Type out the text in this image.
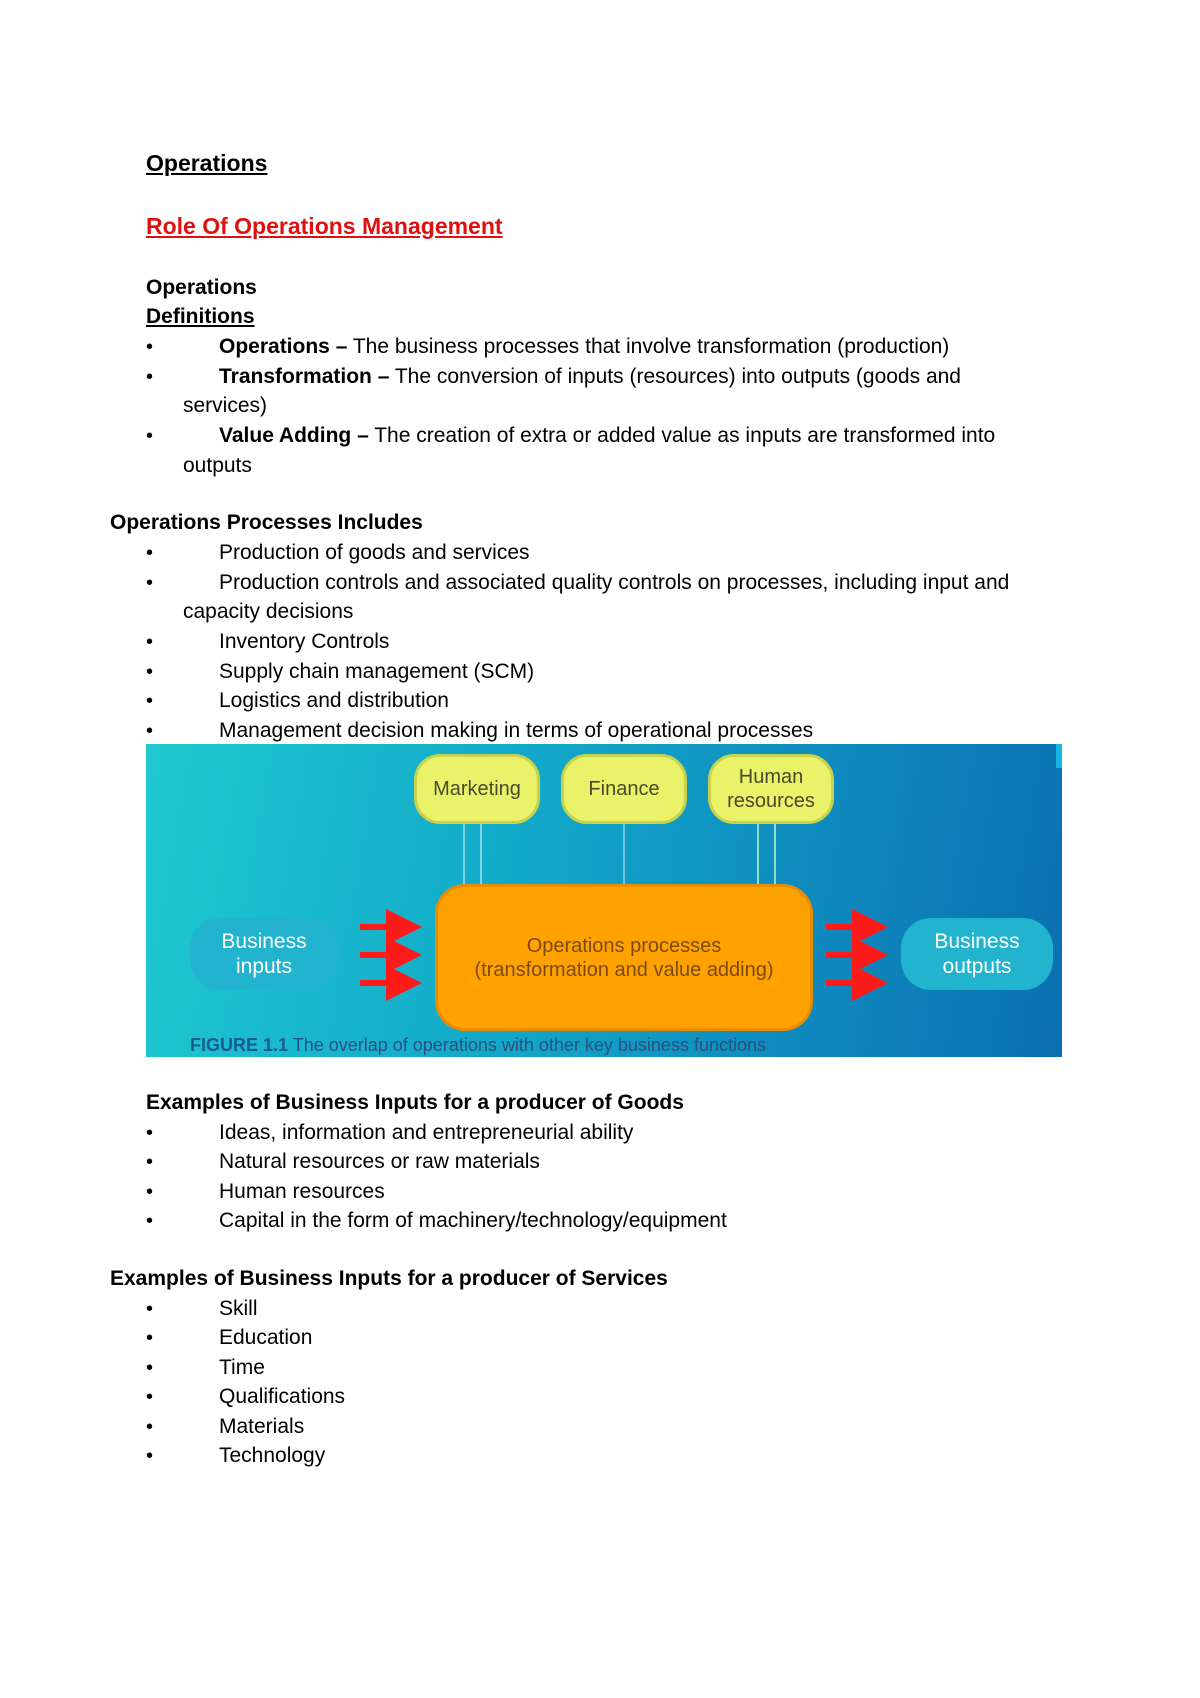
Operations
Role Of Operations Management
Operations
Definitions
•	Operations – The business processes that involve transformation (production)
•	Transformation – The conversion of inputs (resources) into outputs (goods and
services)
•	Value Adding – The creation of extra or added value as inputs are transformed into
outputs
Operations Processes Includes
•	Production of goods and services
•	Production controls and associated quality controls on processes, including input and
capacity decisions
•	Inventory Controls
•	Supply chain management (SCM)
•	Logistics and distribution
•	Management decision making in terms of operational processes
Marketing	Finance
Human
resources
Business
inputs
Operations processes
(transformation and value adding)
Business
outputs
FIGURE 1.1 The overlap of operations with other key business functions
Examples of Business Inputs for a producer of Goods
•	Ideas, information and entrepreneurial ability
•	Natural resources or raw materials
•	Human resources
•	Capital in the form of machinery/technology/equipment
Examples of Business Inputs for a producer of Services
•	Skill
•	Education
•	Time
•	Qualifications
•	Materials
•	Technology
